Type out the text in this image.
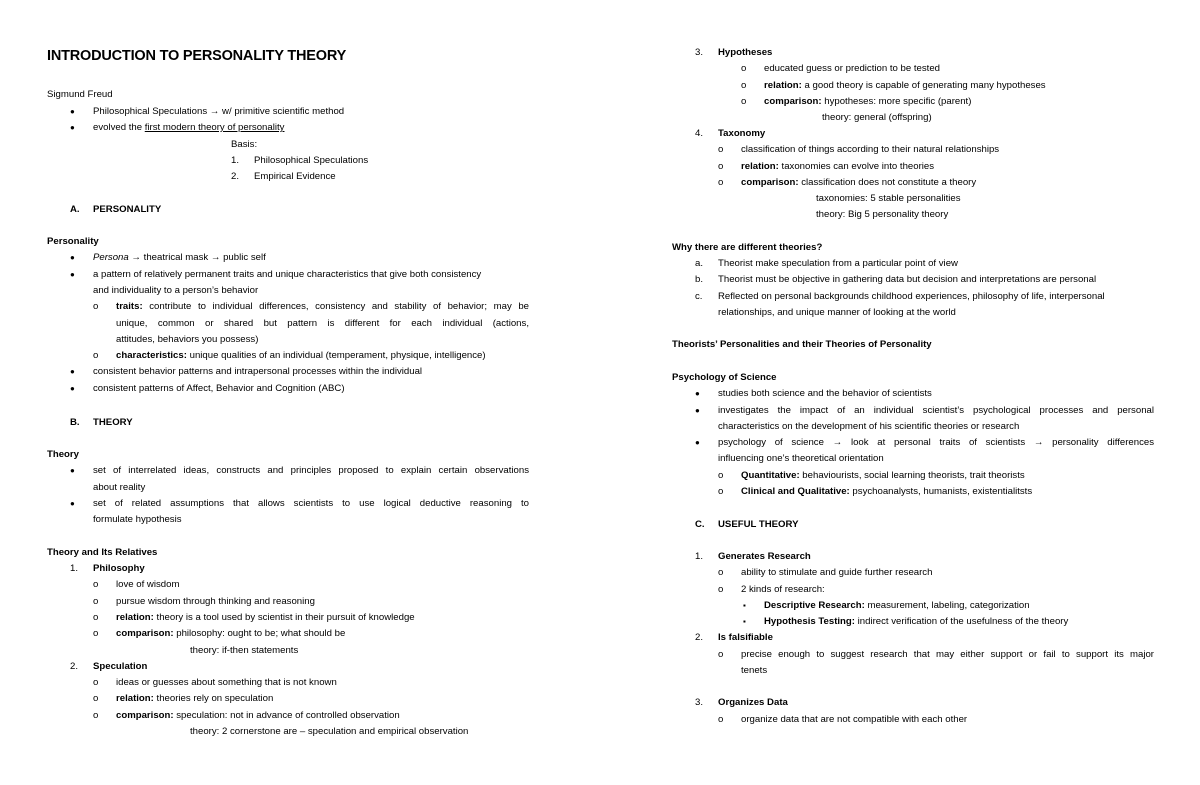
INTRODUCTION TO PERSONALITY THEORY
Sigmund Freud
● Philosophical Speculations → w/ primitive scientific method
● evolved the first modern theory of personality
Basis:
1. Philosophical Speculations
2. Empirical Evidence
A. PERSONALITY
Personality
● Persona → theatrical mask → public self
● a pattern of relatively permanent traits and unique characteristics that give both consistency
and individuality to a person’s behavior
o traits: contribute to individual differences, consistency and stability of behavior; may be
unique, common or shared but pattern is different for each individual (actions,
attitudes, behaviors you possess)
o characteristics: unique qualities of an individual (temperament, physique, intelligence)
● consistent behavior patterns and intrapersonal processes within the individual
● consistent patterns of Affect, Behavior and Cognition (ABC)
B. THEORY
Theory
● set of interrelated ideas, constructs and principles proposed to explain certain observations
about reality
● set of related assumptions that allows scientists to use logical deductive reasoning to
formulate hypothesis
Theory and Its Relatives
1. Philosophy
o love of wisdom
o pursue wisdom through thinking and reasoning
o relation: theory is a tool used by scientist in their pursuit of knowledge
o comparison: philosophy: ought to be; what should be
theory: if-then statements
2. Speculation
o ideas or guesses about something that is not known
o relation: theories rely on speculation
o comparison: speculation: not in advance of controlled observation
theory: 2 cornerstone are – speculation and empirical observation
3. Hypotheses
o educated guess or prediction to be tested
o relation: a good theory is capable of generating many hypotheses
o comparison: hypotheses: more specific (parent)
theory: general (offspring)
4. Taxonomy
o classification of things according to their natural relationships
o relation: taxonomies can evolve into theories
o comparison: classification does not constitute a theory
taxonomies: 5 stable personalities
theory: Big 5 personality theory
Why there are different theories?
a. Theorist make speculation from a particular point of view
b. Theorist must be objective in gathering data but decision and interpretations are personal
c. Reflected on personal backgrounds childhood experiences, philosophy of life, interpersonal
relationships, and unique manner of looking at the world
Theorists’ Personalities and their Theories of Personality
Psychology of Science
● studies both science and the behavior of scientists
● investigates the impact of an individual scientist’s psychological processes and personal
characteristics on the development of his scientific theories or research
● psychology of science → look at personal traits of scientists → personality differences
influencing one’s theoretical orientation
o Quantitative: behaviourists, social learning theorists, trait theorists
o Clinical and Qualitative: psychoanalysts, humanists, existentialitsts
C. USEFUL THEORY
1. Generates Research
o ability to stimulate and guide further research
o 2 kinds of research:
▪ Descriptive Research: measurement, labeling, categorization
▪ Hypothesis Testing: indirect verification of the usefulness of the theory
2. Is falsifiable
o precise enough to suggest research that may either support or fail to support its major
tenets
3. Organizes Data
o organize data that are not compatible with each other
